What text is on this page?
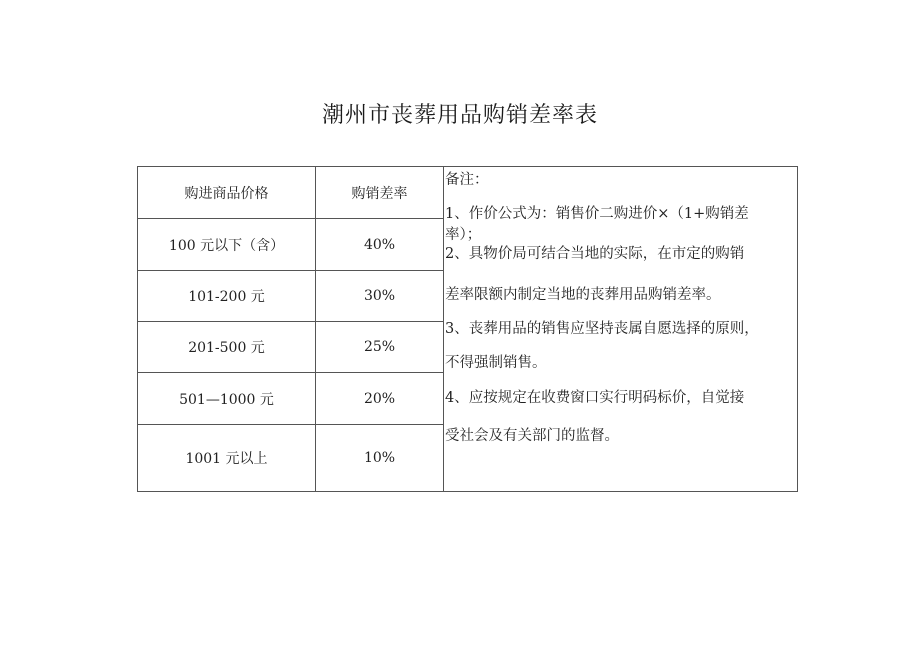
潮州市丧葬用品购销差率表
购进商品价格	购销差率
100 元以下（含）	40%
101-200 元	30%
201-500 元	25%
501—1000 元	20%
1001 元以上	10%
备注：
1、作价公式为：销售价二购进价×（1+购销差
率）；
2、具物价局可结合当地的实际，在市定的购销
差率限额内制定当地的丧葬用品购销差率。
3、丧葬用品的销售应坚持丧属自愿选择的原则，
不得强制销售。
4、应按规定在收费窗口实行明码标价，自觉接
受社会及有关部门的监督。
